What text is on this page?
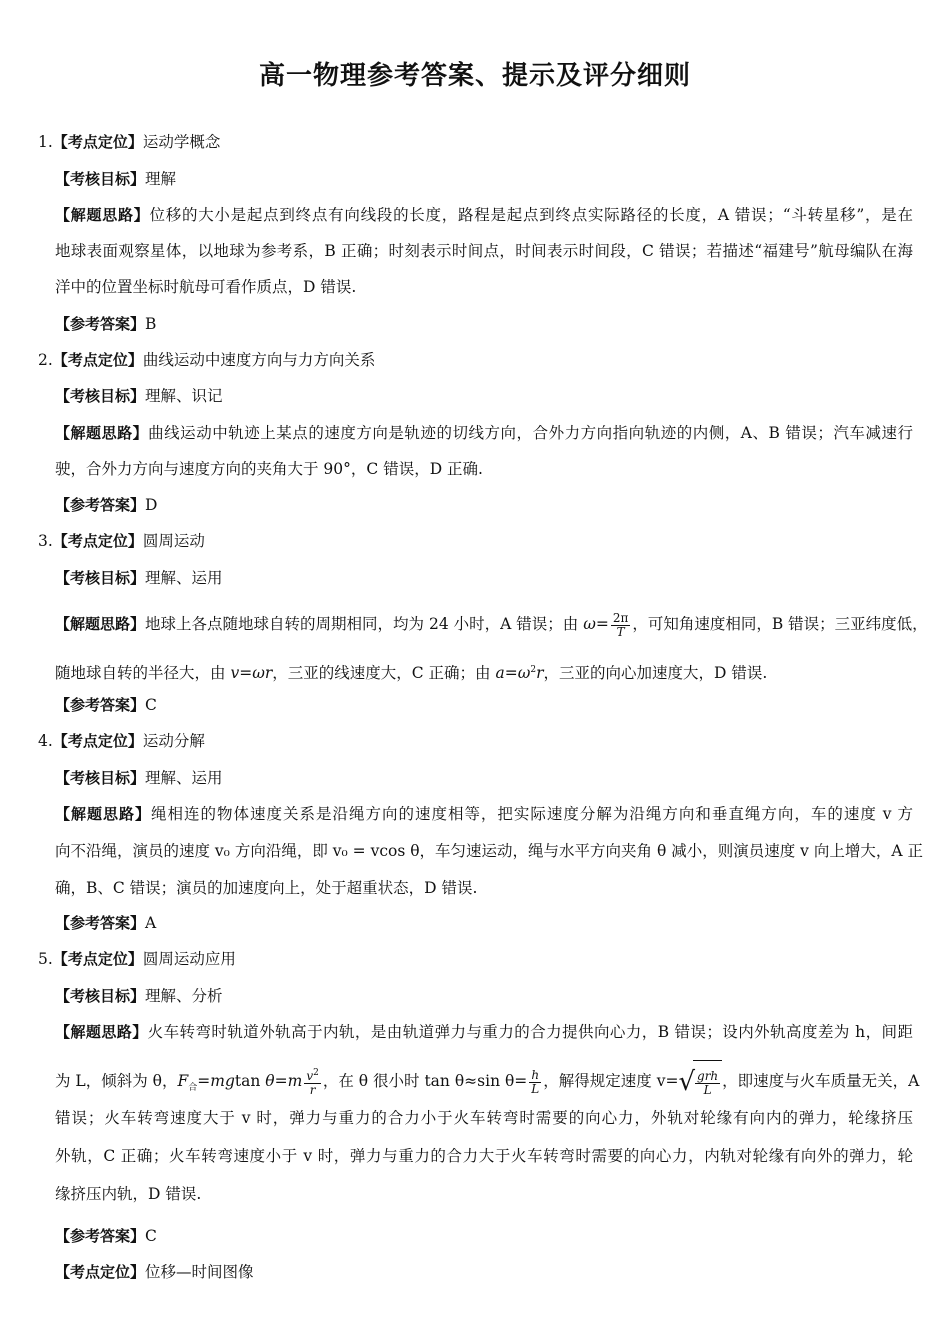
高一物理参考答案、提示及评分细则
1. 【 考点定位 】 运动学概念
【 考核目标 】 理解
【 解题思路 】 位移的大小是起点到终点有向线段的长度，路程是起点到终点实际路径的长度，A 错误；“斗转星移”，是在
地球表面观察星体，以地球为参考系，B 正确；时刻表示时间点，时间表示时间段，C 错误；若描述“福建号”航母编队在海
洋中的位置坐标时航母可看作质点，D 错误.
【 参考答案 】 B
2. 【 考点定位 】 曲线运动中速度方向与力方向关系
【 考核目标 】 理解、识记
【 解题思路 】 曲线运动中轨迹上某点的速度方向是轨迹的切线方向，合外力方向指向轨迹的内侧，A、B 错误；汽车减速行
驶，合外力方向与速度方向的夹角大于 90°，C 错误，D 正确.
【 参考答案 】 D
3. 【 考点定位 】 圆周运动
【 考核目标 】 理解、运用
【 解题思路 】 地球上各点随地球自转的周期相同，均为 24 小时，A 错误；由 $\omega= \frac{2\pi}{T}$ ，可知角速度相同，B 错误；三亚纬度低，
随地球自转的半径大，由 v=ωr，三亚的线速度大，C 正确；由 $a=\omega^2r$，三亚的向心加速度大，D 错误.
【 参考答案 】 C
4. 【 考点定位 】 运动分解
【 考核目标 】 理解、运用
【 解题思路 】 绳相连的物体速度关系是沿绳方向的速度相等，把实际速度分解为沿绳方向和垂直绳方向，车的速度 v 方
向不沿绳，演员的速度 v₀ 方向沿绳，即 v₀ = vcos θ，车匀速运动，绳与水平方向夹角 θ 减小，则演员速度 v 向上增大，A 正
确，B、C 错误；演员的加速度向上，处于超重状态，D 错误.
【 参考答案 】 A
5. 【 考点定位 】 圆周运动应用
【 考核目标 】 理解、分析
【 解题思路 】 火车转弯时轨道外轨高于内轨，是由轨道弹力与重力的合力提供向心力，B 错误；设内外轨高度差为 h，间距
为 L，倾斜为 θ，$F_合=mgtan$ $\theta=m \frac{v^2}{r}$ ，在 θ 很小时 tan θ≈sin $\theta= \frac{h}{L}$ ，解得规定速度 $v=√ \frac{\text{grh}}{L}$ ，即速度与火车质量无关，A
错误；火车转弯速度大于 v 时，弹力与重力的合力小于火车转弯时需要的向心力，外轨对轮缘有向内的弹力，轮缘挤压
外轨，C 正确；火车转弯速度小于 v 时，弹力与重力的合力大于火车转弯时需要的向心力，内轨对轮缘有向外的弹力，轮
缘挤压内轨，D 错误.
【 参考答案 】 C
【 考点定位 】 位移—时间图像
